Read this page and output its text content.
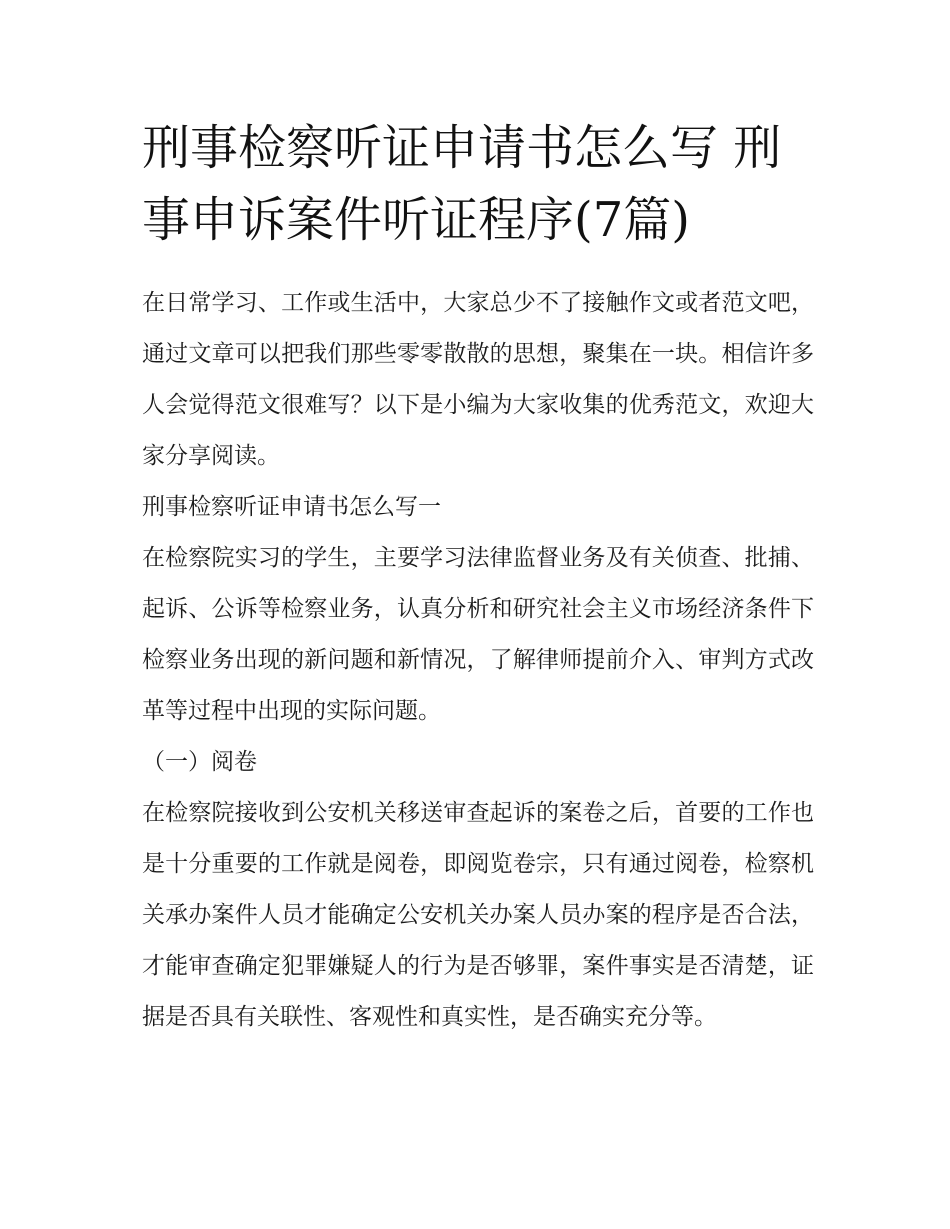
刑事检察听证申请书怎么写 刑事申诉案件听证程序(7篇)

在日常学习、工作或生活中，大家总少不了接触作文或者范文吧，通过文章可以把我们那些零零散散的思想，聚集在一块。相信许多人会觉得范文很难写？以下是小编为大家收集的优秀范文，欢迎大家分享阅读。

刑事检察听证申请书怎么写一

在检察院实习的学生，主要学习法律监督业务及有关侦查、批捕、起诉、公诉等检察业务，认真分析和研究社会主义市场经济条件下检察业务出现的新问题和新情况，了解律师提前介入、审判方式改革等过程中出现的实际问题。

（一）阅卷

在检察院接收到公安机关移送审查起诉的案卷之后，首要的工作也是十分重要的工作就是阅卷，即阅览卷宗，只有通过阅卷，检察机关承办案件人员才能确定公安机关办案人员办案的程序是否合法，才能审查确定犯罪嫌疑人的行为是否够罪，案件事实是否清楚，证据是否具有关联性、客观性和真实性，是否确实充分等。
